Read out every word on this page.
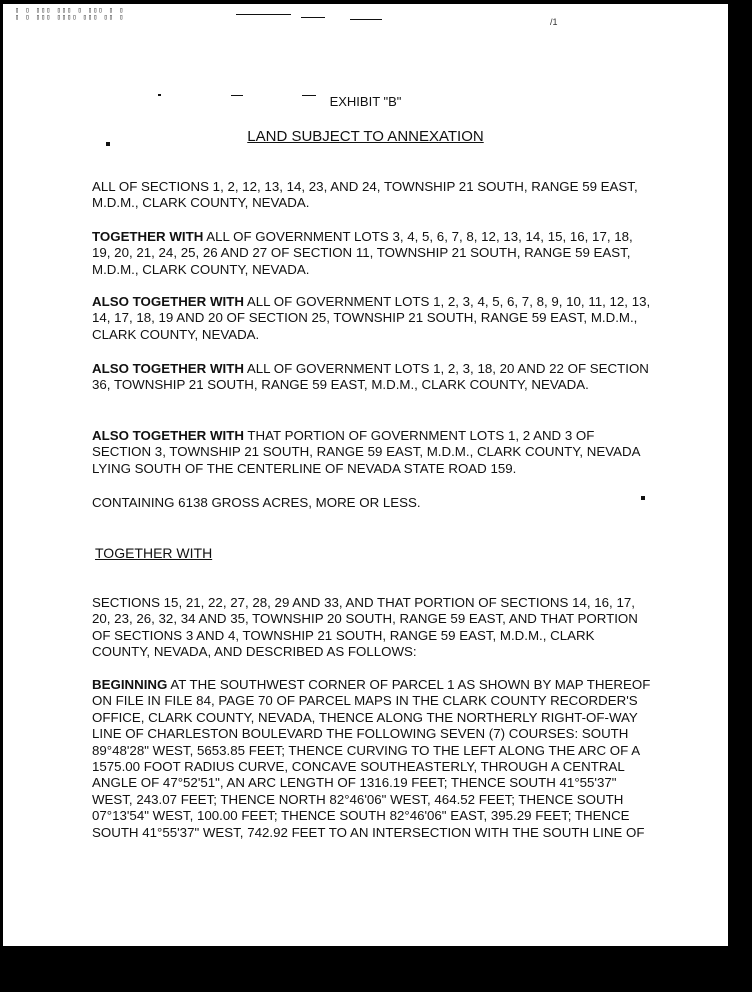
▯ ▯ ▯▯▯ ▯▯▯ ▯ ▯▯▯ ▯ ▯
▯ ▯ ▯▯▯ ▯▯▯▯ ▯▯▯ ▯▯ ▯	/1
EXHIBIT "B"
LAND SUBJECT TO ANNEXATION

ALL OF SECTIONS 1, 2, 12, 13, 14, 23, AND 24, TOWNSHIP 21 SOUTH, RANGE 59 EAST, M.D.M., CLARK COUNTY, NEVADA.

TOGETHER WITH ALL OF GOVERNMENT LOTS 3, 4, 5, 6, 7, 8, 12, 13, 14, 15, 16, 17, 18, 19, 20, 21, 24, 25, 26 AND 27 OF SECTION 11, TOWNSHIP 21 SOUTH, RANGE 59 EAST, M.D.M., CLARK COUNTY, NEVADA.

ALSO TOGETHER WITH ALL OF GOVERNMENT LOTS 1, 2, 3, 4, 5, 6, 7, 8, 9, 10, 11, 12, 13, 14, 17, 18, 19 AND 20 OF SECTION 25, TOWNSHIP 21 SOUTH, RANGE 59 EAST, M.D.M., CLARK COUNTY, NEVADA.

ALSO TOGETHER WITH ALL OF GOVERNMENT LOTS 1, 2, 3, 18, 20 AND 22 OF SECTION 36, TOWNSHIP 21 SOUTH, RANGE 59 EAST, M.D.M., CLARK COUNTY, NEVADA.

ALSO TOGETHER WITH THAT PORTION OF GOVERNMENT LOTS 1, 2 AND 3 OF SECTION 3, TOWNSHIP 21 SOUTH, RANGE 59 EAST, M.D.M., CLARK COUNTY, NEVADA LYING SOUTH OF THE CENTERLINE OF NEVADA STATE ROAD 159.

CONTAINING 6138 GROSS ACRES, MORE OR LESS.

TOGETHER WITH

SECTIONS 15, 21, 22, 27, 28, 29 AND 33, AND THAT PORTION OF SECTIONS 14, 16, 17, 20, 23, 26, 32, 34 AND 35, TOWNSHIP 20 SOUTH, RANGE 59 EAST, AND THAT PORTION OF SECTIONS 3 AND 4, TOWNSHIP 21 SOUTH, RANGE 59 EAST, M.D.M., CLARK COUNTY, NEVADA, AND DESCRIBED AS FOLLOWS:

BEGINNING AT THE SOUTHWEST CORNER OF PARCEL 1 AS SHOWN BY MAP THEREOF ON FILE IN FILE 84, PAGE 70 OF PARCEL MAPS IN THE CLARK COUNTY RECORDER'S OFFICE, CLARK COUNTY, NEVADA, THENCE ALONG THE NORTHERLY RIGHT-OF-WAY LINE OF CHARLESTON BOULEVARD THE FOLLOWING SEVEN (7) COURSES: SOUTH 89°48'28" WEST, 5653.85 FEET; THENCE CURVING TO THE LEFT ALONG THE ARC OF A 1575.00 FOOT RADIUS CURVE, CONCAVE SOUTHEASTERLY, THROUGH A CENTRAL ANGLE OF 47°52'51", AN ARC LENGTH OF 1316.19 FEET; THENCE SOUTH 41°55'37" WEST, 243.07 FEET; THENCE NORTH 82°46'06" WEST, 464.52 FEET; THENCE SOUTH 07°13'54" WEST, 100.00 FEET; THENCE SOUTH 82°46'06" EAST, 395.29 FEET; THENCE SOUTH 41°55'37" WEST, 742.92 FEET TO AN INTERSECTION WITH THE SOUTH LINE OF
